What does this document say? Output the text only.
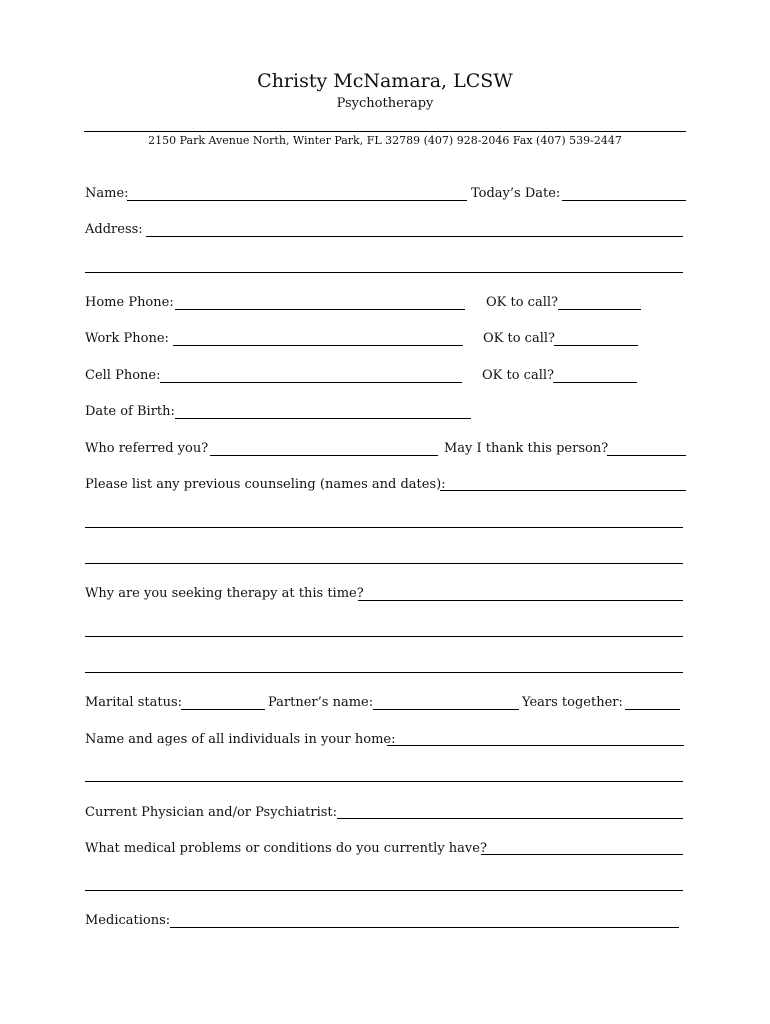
Christy McNamara, LCSW
Psychotherapy
2150 Park Avenue North, Winter Park, FL 32789 (407) 928-2046 Fax (407) 539-2447
Name:	Today’s Date:
Address:
Home Phone:	OK to call?
Work Phone:	OK to call?
Cell Phone:	OK to call?
Date of Birth:
Who referred you?	May I thank this person?
Please list any previous counseling (names and dates):
Why are you seeking therapy at this time?
Marital status:	Partner’s name:	Years together:
Name and ages of all individuals in your home:
Current Physician and/or Psychiatrist:
What medical problems or conditions do you currently have?
Medications:
